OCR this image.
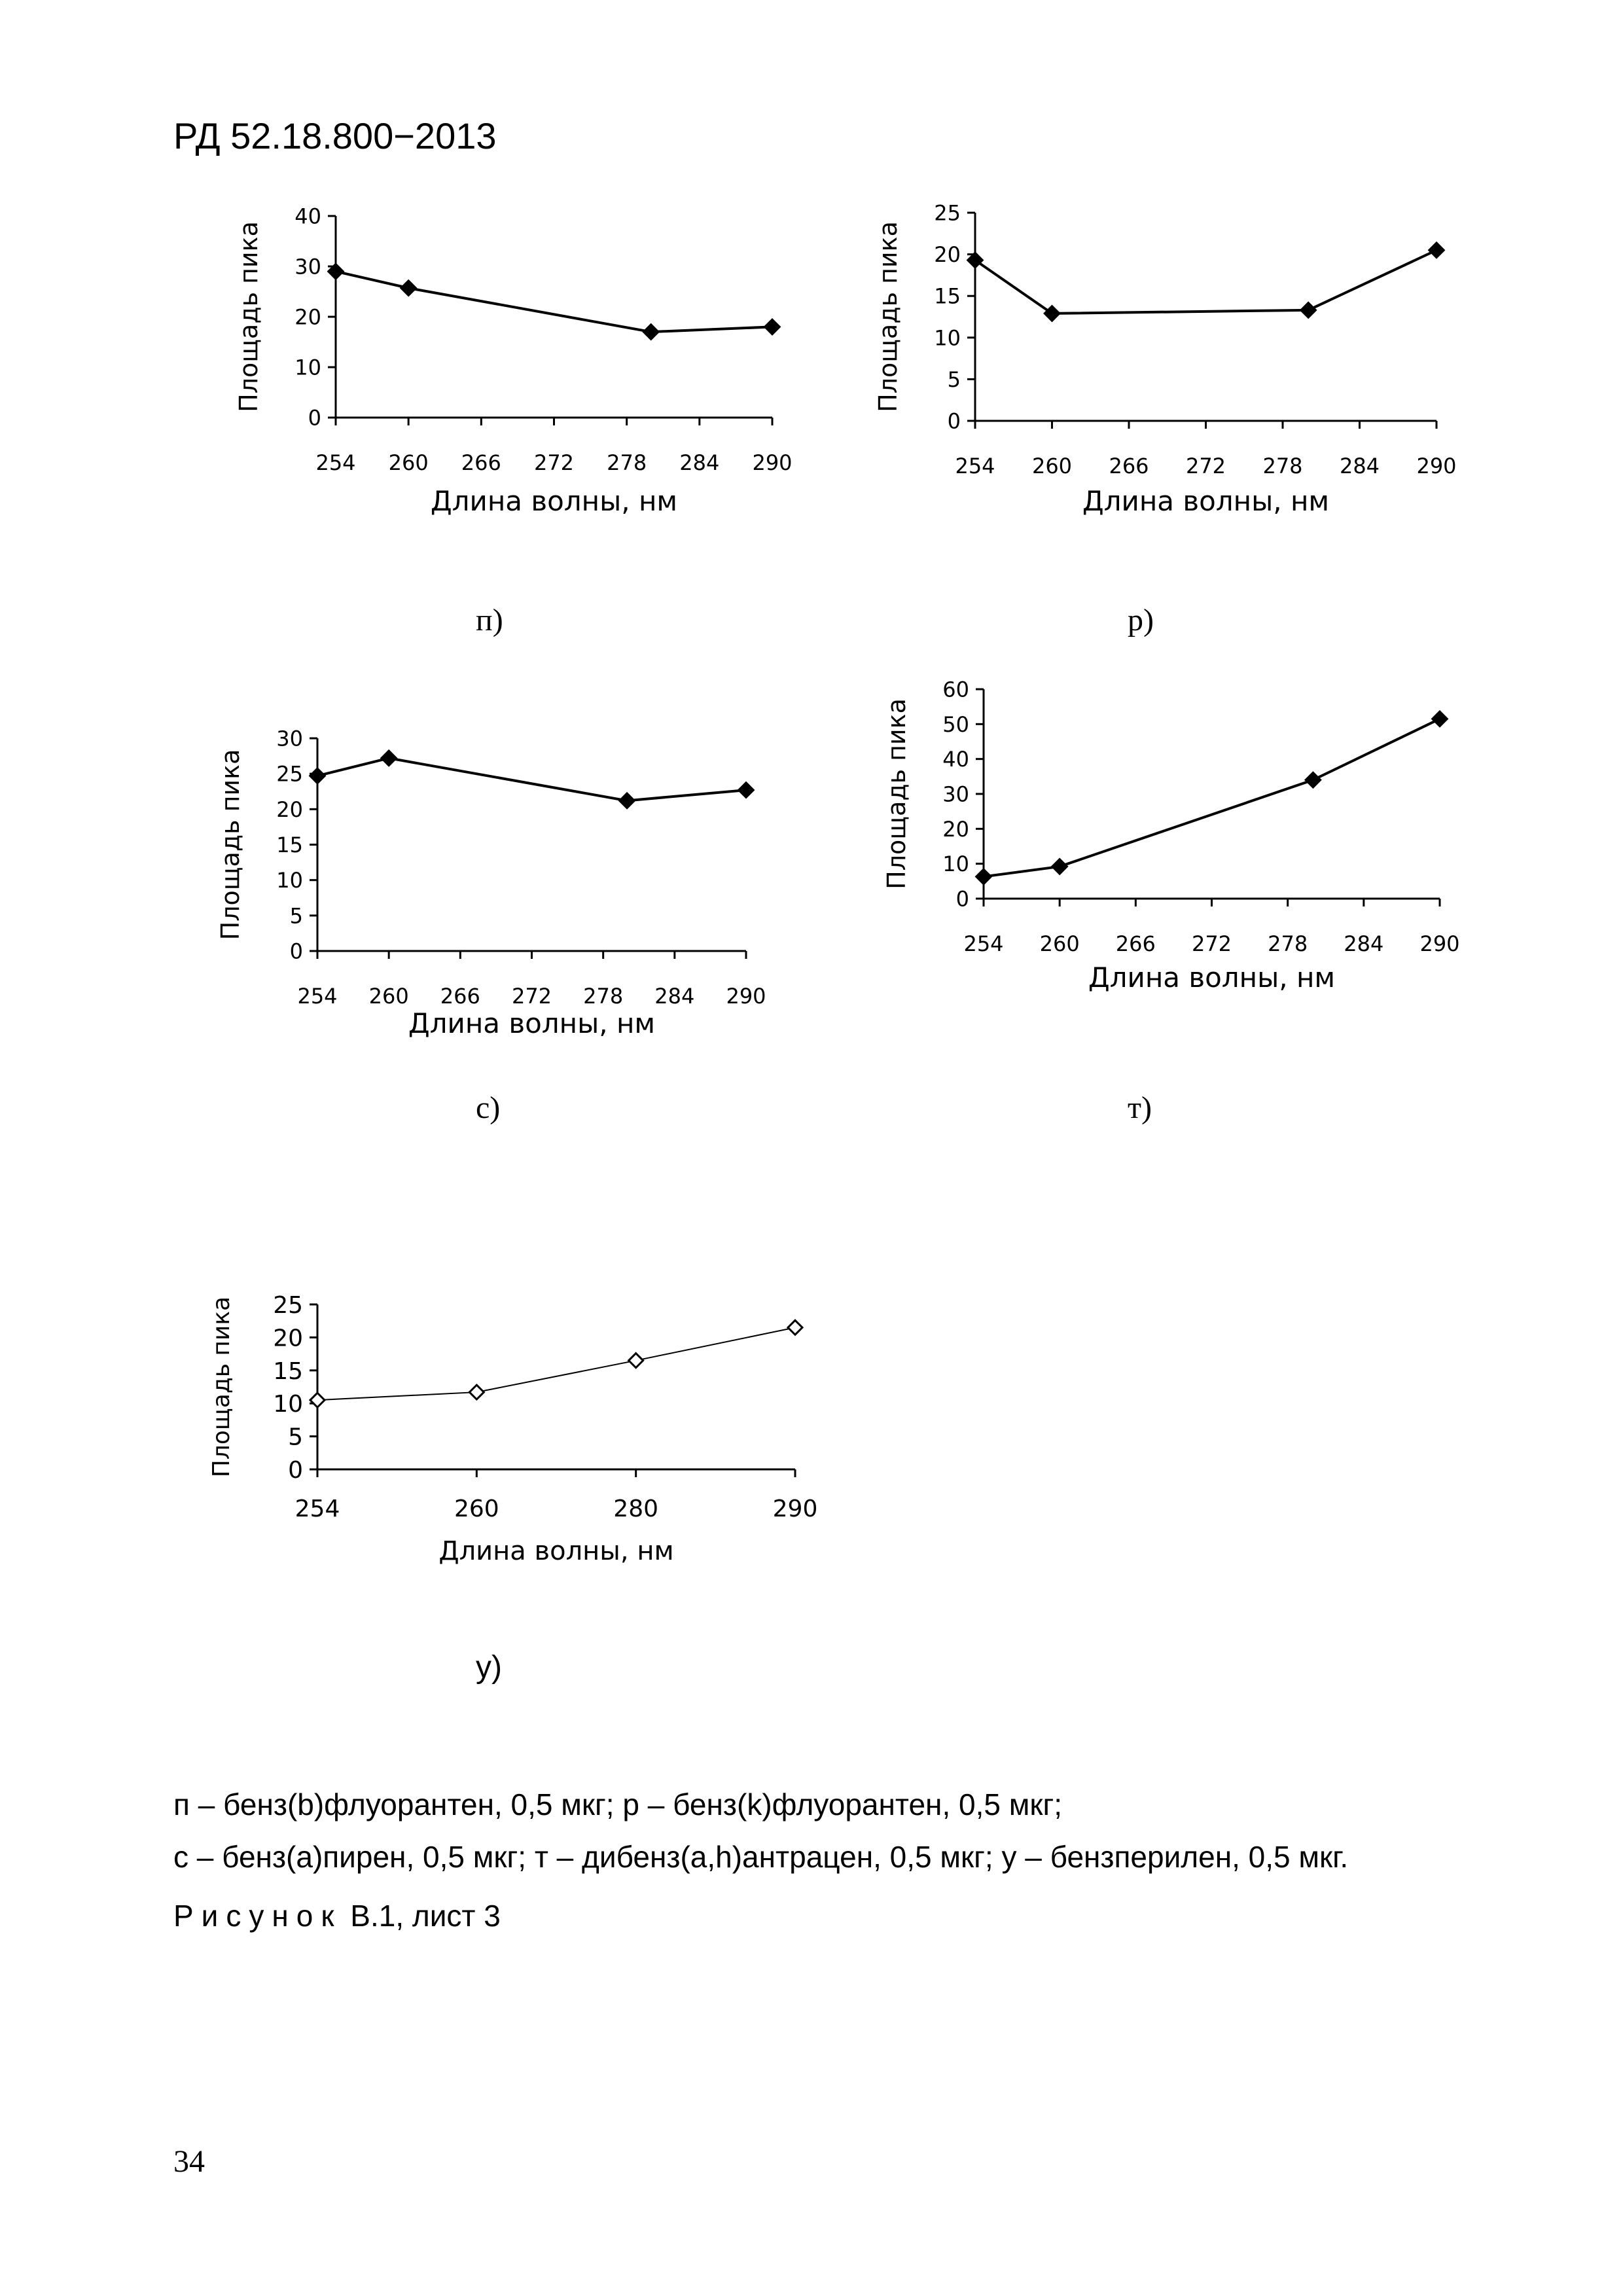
РД 52.18.800−2013
0
10
20
30
40
254 260 266 272 278 284 290
Длина волны, нм
Площадь пика
0
5
10
15
20
25
254 260 266 272 278 284 290
Длина волны, нм
Площадь пика
0
5
10
15
20
25
30
254 260 266 272 278 284 290
Длина волны, нм
Площадь пика	0
10
20
30
40
50
60
254 260 266 272 278 284 290
Длина волны, нм
Площадь пика
0
5
10
15
20
25
254	260	280	290
Длина волны, нм
Площадь пика
п)	р)
с)	т)
у)
п – бенз(b)флуорантен, 0,5 мкг; р – бенз(k)флуорантен, 0,5 мкг;
с – бенз(а)пирен, 0,5 мкг; т – дибенз(a,h)антрацен, 0,5 мкг; у – бензперилен, 0,5 мкг.
Рисунок В.1, лист 3
34
